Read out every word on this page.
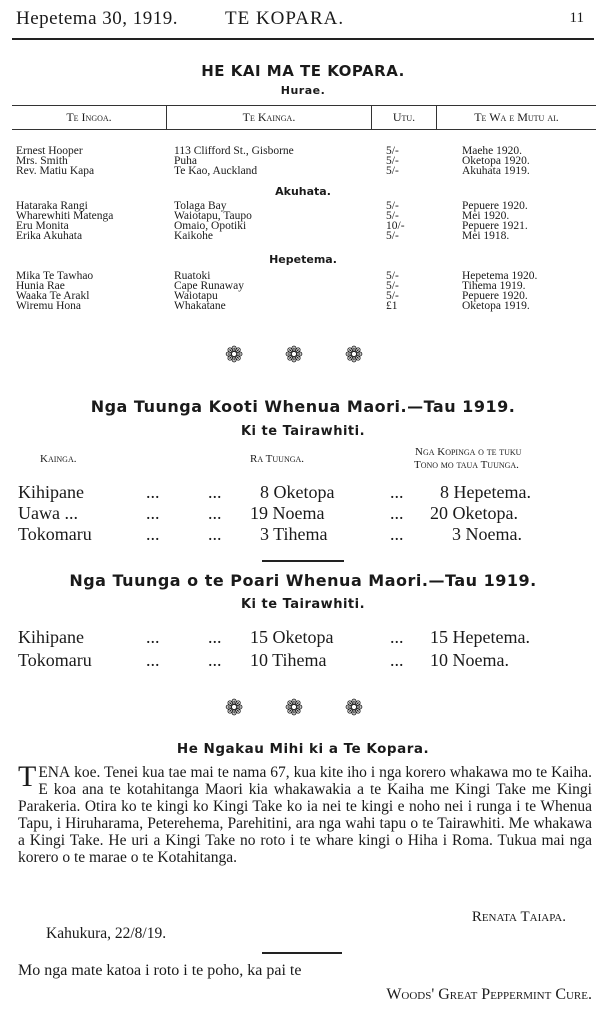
Hepetema 30, 1919. TE KOPARA.	11
HE KAI MA TE KOPARA.
Hurae.
Te Ingoa.	Te Kainga.	Utu.	Te Wa e Mutu ai.
Ernest Hooper	113 Clifford St., Gisborne	5/-	Maehe 1920.
Mrs. Smith	Puha	5/-	Oketopa 1920.
Rev. Matiu Kapa	Te Kao, Auckland	5/-	Akuhata 1919.
Akuhata.
Hataraka Rangi	Tolaga Bay	5/-	Pepuere 1920.
Wharewhiti Matenga	Waiotapu, Taupo	5/-	Mei 1920.
Eru Monita	Omaio, Opotiki	10/-	Pepuere 1921.
Erika Akuhata	Kaikohe	5/-	Mei 1918.
Hepetema.
Mika Te Tawhao	Ruatoki	5/-	Hepetema 1920.
Hunia Rae	Cape Runaway	5/-	Tihema 1919.
Waaka Te Arakl	Waiotapu	5/-	Pepuere 1920.
Wiremu Hona	Whakatane	£1	Oketopa 1919.
❁ ❁ ❁
Nga Tuunga Kooti Whenua Maori.—Tau 1919.
Ki te Tairawhiti.
Kainga.	Ra Tuunga.
Nga Kopinga o te tuku
Tono mo taua Tuunga.
Kihipane	...	... 8 Oketopa	... 8 Hepetema.
Uawa ...	...	... 19 Noema	... 20 Oketopa.
Tokomaru	...	... 3 Tihema	...	3 Noema.
Nga Tuunga o te Poari Whenua Maori.—Tau 1919.
Ki te Tairawhiti.
Kihipane	...	... 15 Oketopa	... 15 Hepetema.
Tokomaru	...	... 10 Tihema	... 10 Noema.
❁ ❁ ❁
He Ngakau Mihi ki a Te Kopara.
TENA koe. Tenei kua tae mai te nama 67, kua kite iho i nga korero whakawa mo te Kaiha. E koa ana te kotahitanga Maori kia whakawakia a te Kaiha me Kingi Take me Kingi Parakeria. Otira ko te kingi ko Kingi Take ko ia nei te kingi e noho nei i runga i te Whenua Tapu, i Hiruharama, Peterehema, Parehitini, ara nga wahi tapu o te Tairawhiti. Me whakawa a Kingi Take. He uri a Kingi Take no roto i te whare kingi o Hiha i Roma. Tukua mai nga korero o te marae o te Kotahitanga.
Renata Taiapa.
Kahukura, 22/8/19.
Mo nga mate katoa i roto i te poho, ka pai te
Woods' Great Peppermint Cure.
